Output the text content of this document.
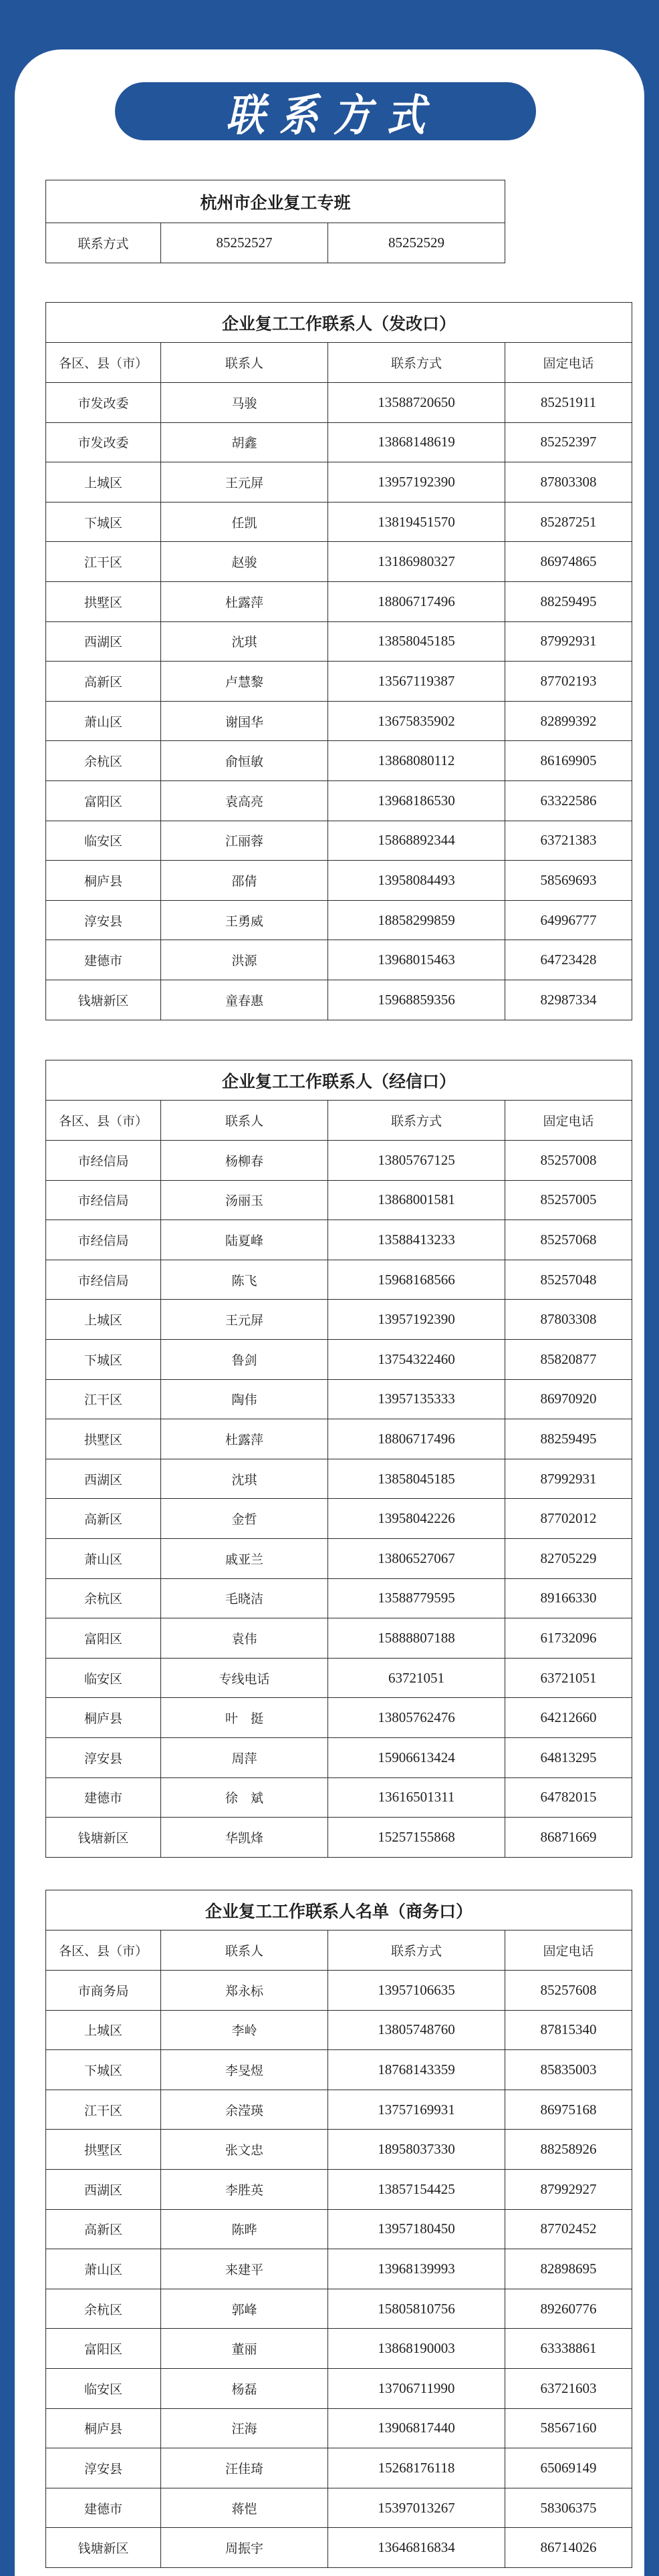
联系方式
杭州市企业复工专班
联系方式	85252527	85252529
企业复工工作联系人（发改口）			
各区、县（市）	联系人	联系方式	固定电话
市发改委	马骏	13588720650	85251911
市发改委	胡鑫	13868148619	85252397
上城区	王元屏	13957192390	87803308
下城区	任凯	13819451570	85287251
江干区	赵骏	13186980327	86974865
拱墅区	杜露萍	18806717496	88259495
西湖区	沈琪	13858045185	87992931
高新区	卢慧黎	13567119387	87702193
萧山区	谢国华	13675835902	82899392
余杭区	俞恒敏	13868080112	86169905
富阳区	袁高亮	13968186530	63322586
临安区	江丽蓉	15868892344	63721383
桐庐县	邵倩	13958084493	58569693
淳安县	王勇威	18858299859	64996777
建德市	洪源	13968015463	64723428
钱塘新区	童春惠	15968859356	82987334
企业复工工作联系人（经信口）			
各区、县（市）	联系人	联系方式	固定电话
市经信局	杨柳春	13805767125	85257008
市经信局	汤丽玉	13868001581	85257005
市经信局	陆夏峰	13588413233	85257068
市经信局	陈飞	15968168566	85257048
上城区	王元屏	13957192390	87803308
下城区	鲁剑	13754322460	85820877
江干区	陶伟	13957135333	86970920
拱墅区	杜露萍	18806717496	88259495
西湖区	沈琪	13858045185	87992931
高新区	金哲	13958042226	87702012
萧山区	戚亚兰	13806527067	82705229
余杭区	毛晓洁	13588779595	89166330
富阳区	袁伟	15888807188	61732096
临安区	专线电话	63721051	63721051
桐庐县	叶　挺	13805762476	64212660
淳安县	周萍	15906613424	64813295
建德市	徐　斌	13616501311	64782015
钱塘新区	华凯烽	15257155868	86871669
企业复工工作联系人名单（商务口）			
各区、县（市）	联系人	联系方式	固定电话
市商务局	郑永标	13957106635	85257608
上城区	李岭	13805748760	87815340
下城区	李旻煜	18768143359	85835003
江干区	余滢瑛	13757169931	86975168
拱墅区	张文忠	18958037330	88258926
西湖区	李胜英	13857154425	87992927
高新区	陈晔	13957180450	87702452
萧山区	来建平	13968139993	82898695
余杭区	郭峰	15805810756	89260776
富阳区	董丽	13868190003	63338861
临安区	杨磊	13706711990	63721603
桐庐县	汪海	13906817440	58567160
淳安县	汪佳琦	15268176118	65069149
建德市	蒋恺	15397013267	58306375
钱塘新区	周振宇	13646816834	86714026
